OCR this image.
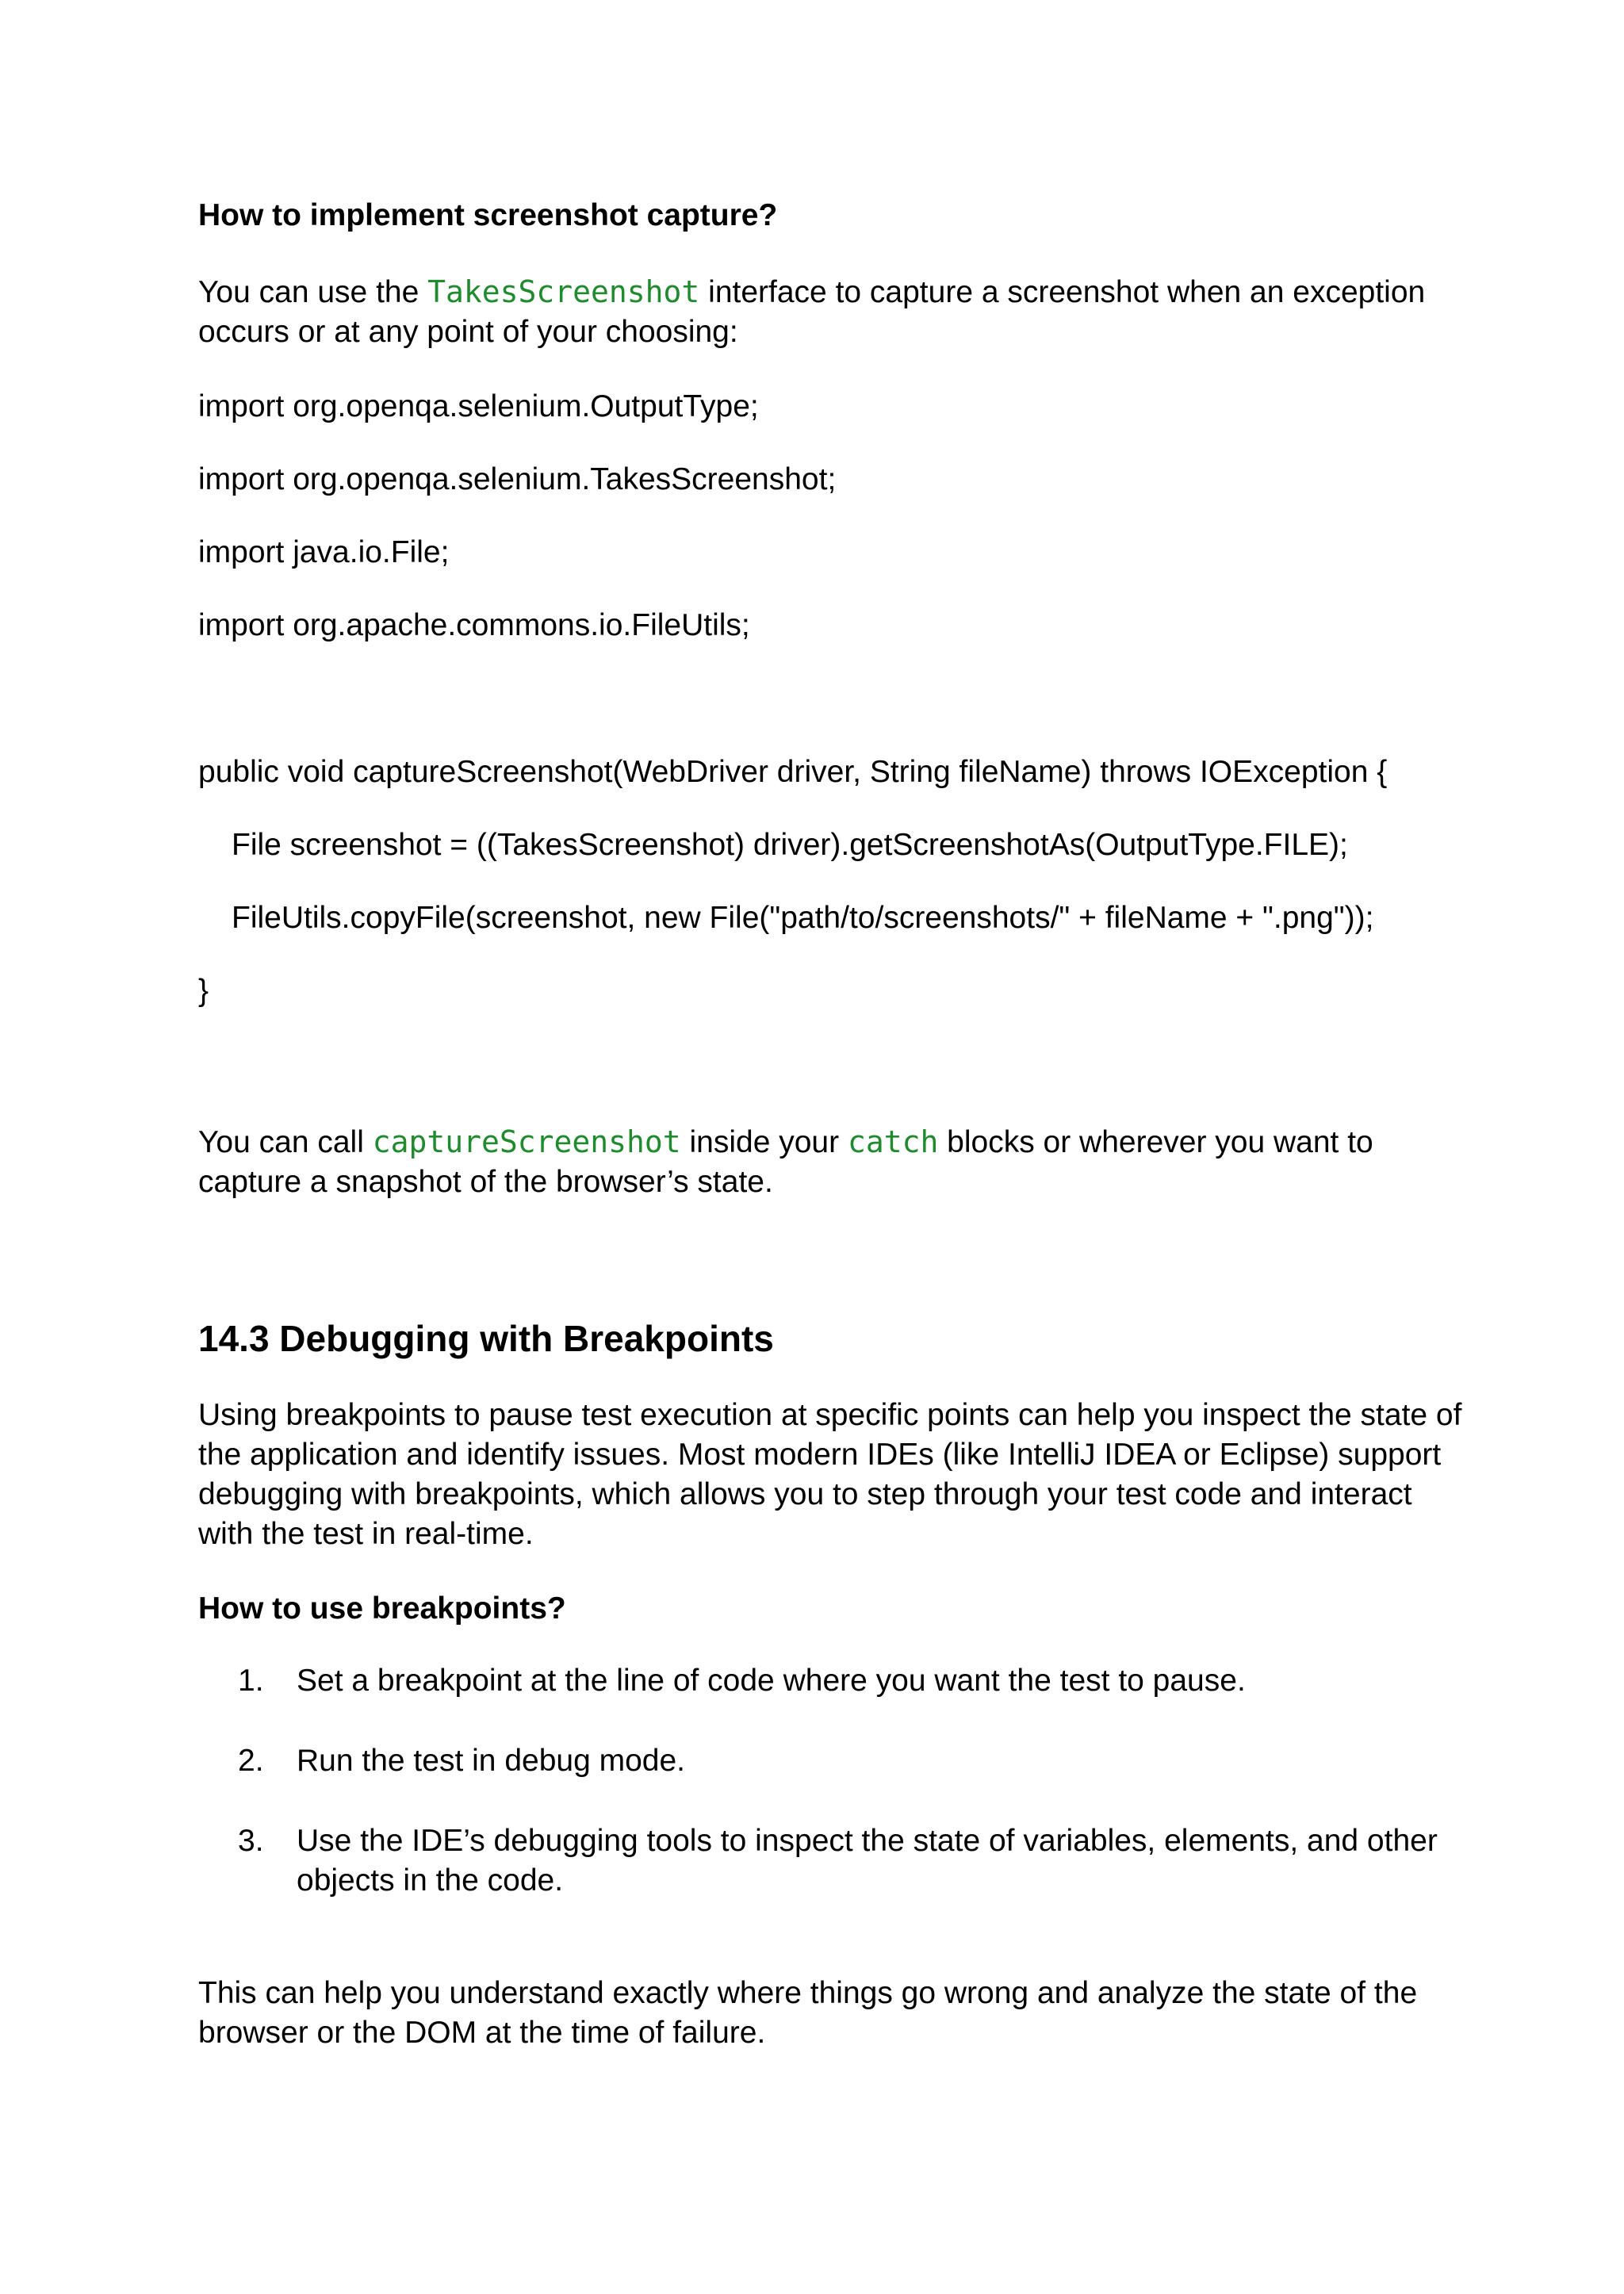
How to implement screenshot capture?

You can use the TakesScreenshot interface to capture a screenshot when an exception

occurs or at any point of your choosing:

import org.openqa.selenium.OutputType;

import org.openqa.selenium.TakesScreenshot;

import java.io.File;

import org.apache.commons.io.FileUtils;

public void captureScreenshot(WebDriver driver, String fileName) throws IOException {

File screenshot = ((TakesScreenshot) driver).getScreenshotAs(OutputType.FILE);

FileUtils.copyFile(screenshot, new File("path/to/screenshots/" + fileName + ".png"));

}

You can call captureScreenshot inside your catch blocks or wherever you want to

capture a snapshot of the browser’s state.

14.3 Debugging with Breakpoints

Using breakpoints to pause test execution at specific points can help you inspect the state of

the application and identify issues. Most modern IDEs (like IntelliJ IDEA or Eclipse) support

debugging with breakpoints, which allows you to step through your test code and interact

with the test in real-time.

How to use breakpoints?

1. Set a breakpoint at the line of code where you want the test to pause.

2. Run the test in debug mode.

3. Use the IDE’s debugging tools to inspect the state of variables, elements, and other

objects in the code.

This can help you understand exactly where things go wrong and analyze the state of the

browser or the DOM at the time of failure.
